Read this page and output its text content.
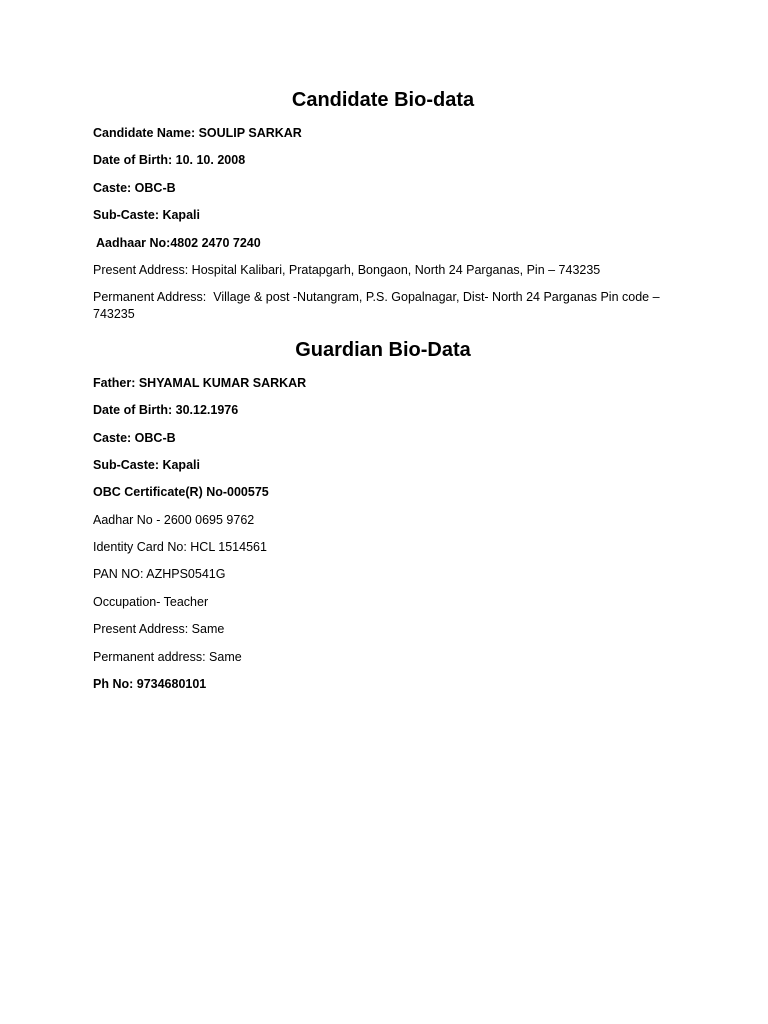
Candidate Bio-data

Candidate Name: SOULIP SARKAR

Date of Birth: 10. 10. 2008

Caste: OBC-B

Sub-Caste: Kapali

Aadhaar No:4802 2470 7240

Present Address: Hospital Kalibari, Pratapgarh, Bongaon, North 24 Parganas, Pin – 743235

Permanent Address:  Village & post -Nutangram, P.S. Gopalnagar, Dist- North 24 Parganas Pin code – 743235

Guardian Bio-Data

Father: SHYAMAL KUMAR SARKAR

Date of Birth: 30.12.1976

Caste: OBC-B

Sub-Caste: Kapali

OBC Certificate(R) No-000575

Aadhar No - 2600 0695 9762

Identity Card No: HCL 1514561

PAN NO: AZHPS0541G

Occupation- Teacher

Present Address: Same

Permanent address: Same

Ph No: 9734680101
